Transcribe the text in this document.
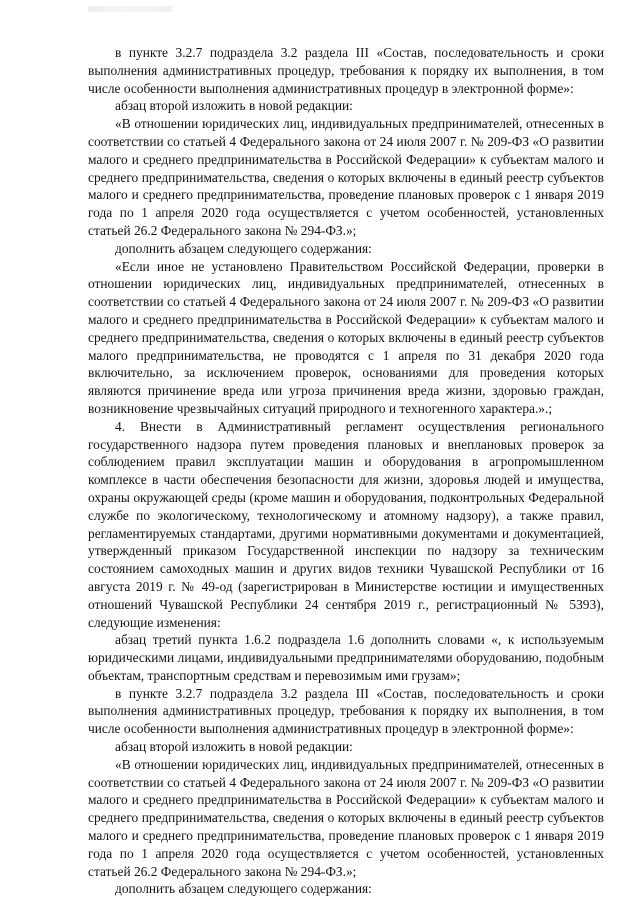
в пункте 3.2.7 подраздела 3.2 раздела III «Состав, последовательность и сроки выполнения административных процедур, требования к порядку их выполнения, в том числе особенности выполнения административных процедур в электронной форме»:

абзац второй изложить в новой редакции:

«В отношении юридических лиц, индивидуальных предпринимателей, отнесенных в соответствии со статьей 4 Федерального закона от 24 июля 2007 г. № 209-ФЗ «О развитии малого и среднего предпринимательства в Российской Федерации» к субъектам малого и среднего предпринимательства, сведения о которых включены в единый реестр субъектов малого и среднего предпринимательства, проведение плановых проверок с 1 января 2019 года по 1 апреля 2020 года осуществляется с учетом особенностей, установленных статьей 26.2 Федерального закона № 294-ФЗ.»;

дополнить абзацем следующего содержания:

«Если иное не установлено Правительством Российской Федерации, проверки в отношении юридических лиц, индивидуальных предпринимателей, отнесенных в соответствии со статьей 4 Федерального закона от 24 июля 2007 г. № 209-ФЗ «О развитии малого и среднего предпринимательства в Российской Федерации» к субъектам малого и среднего предпринимательства, сведения о которых включены в единый реестр субъектов малого предпринимательства, не проводятся с 1 апреля по 31 декабря 2020 года включительно, за исключением проверок, основаниями для проведения которых являются причинение вреда или угроза причинения вреда жизни, здоровью граждан, возникновение чрезвычайных ситуаций природного и техногенного характера.».;

4. Внести в Административный регламент осуществления регионального государственного надзора путем проведения плановых и внеплановых проверок за соблюдением правил эксплуатации машин и оборудования в агропромышленном комплексе в части обеспечения безопасности для жизни, здоровья людей и имущества, охраны окружающей среды (кроме машин и оборудования, подконтрольных Федеральной службе по экологическому, технологическому и атомному надзору), а также правил, регламентируемых стандартами, другими нормативными документами и документацией, утвержденный приказом Государственной инспекции по надзору за техническим состоянием самоходных машин и других видов техники Чувашской Республики от 16 августа 2019 г. № 49-од (зарегистрирован в Министерстве юстиции и имущественных отношений Чувашской Республики 24 сентября 2019 г., регистрационный № 5393), следующие изменения:

абзац третий пункта 1.6.2 подраздела 1.6 дополнить словами «, к используемым юридическими лицами, индивидуальными предпринимателями оборудованию, подобным объектам, транспортным средствам и перевозимым ими грузам»;

в пункте 3.2.7 подраздела 3.2 раздела III «Состав, последовательность и сроки выполнения административных процедур, требования к порядку их выполнения, в том числе особенности выполнения административных процедур в электронной форме»:

абзац второй изложить в новой редакции:

«В отношении юридических лиц, индивидуальных предпринимателей, отнесенных в соответствии со статьей 4 Федерального закона от 24 июля 2007 г. № 209-ФЗ «О развитии малого и среднего предпринимательства в Российской Федерации» к субъектам малого и среднего предпринимательства, сведения о которых включены в единый реестр субъектов малого и среднего предпринимательства, проведение плановых проверок с 1 января 2019 года по 1 апреля 2020 года осуществляется с учетом особенностей, установленных статьей 26.2 Федерального закона № 294-ФЗ.»;

дополнить абзацем следующего содержания:
